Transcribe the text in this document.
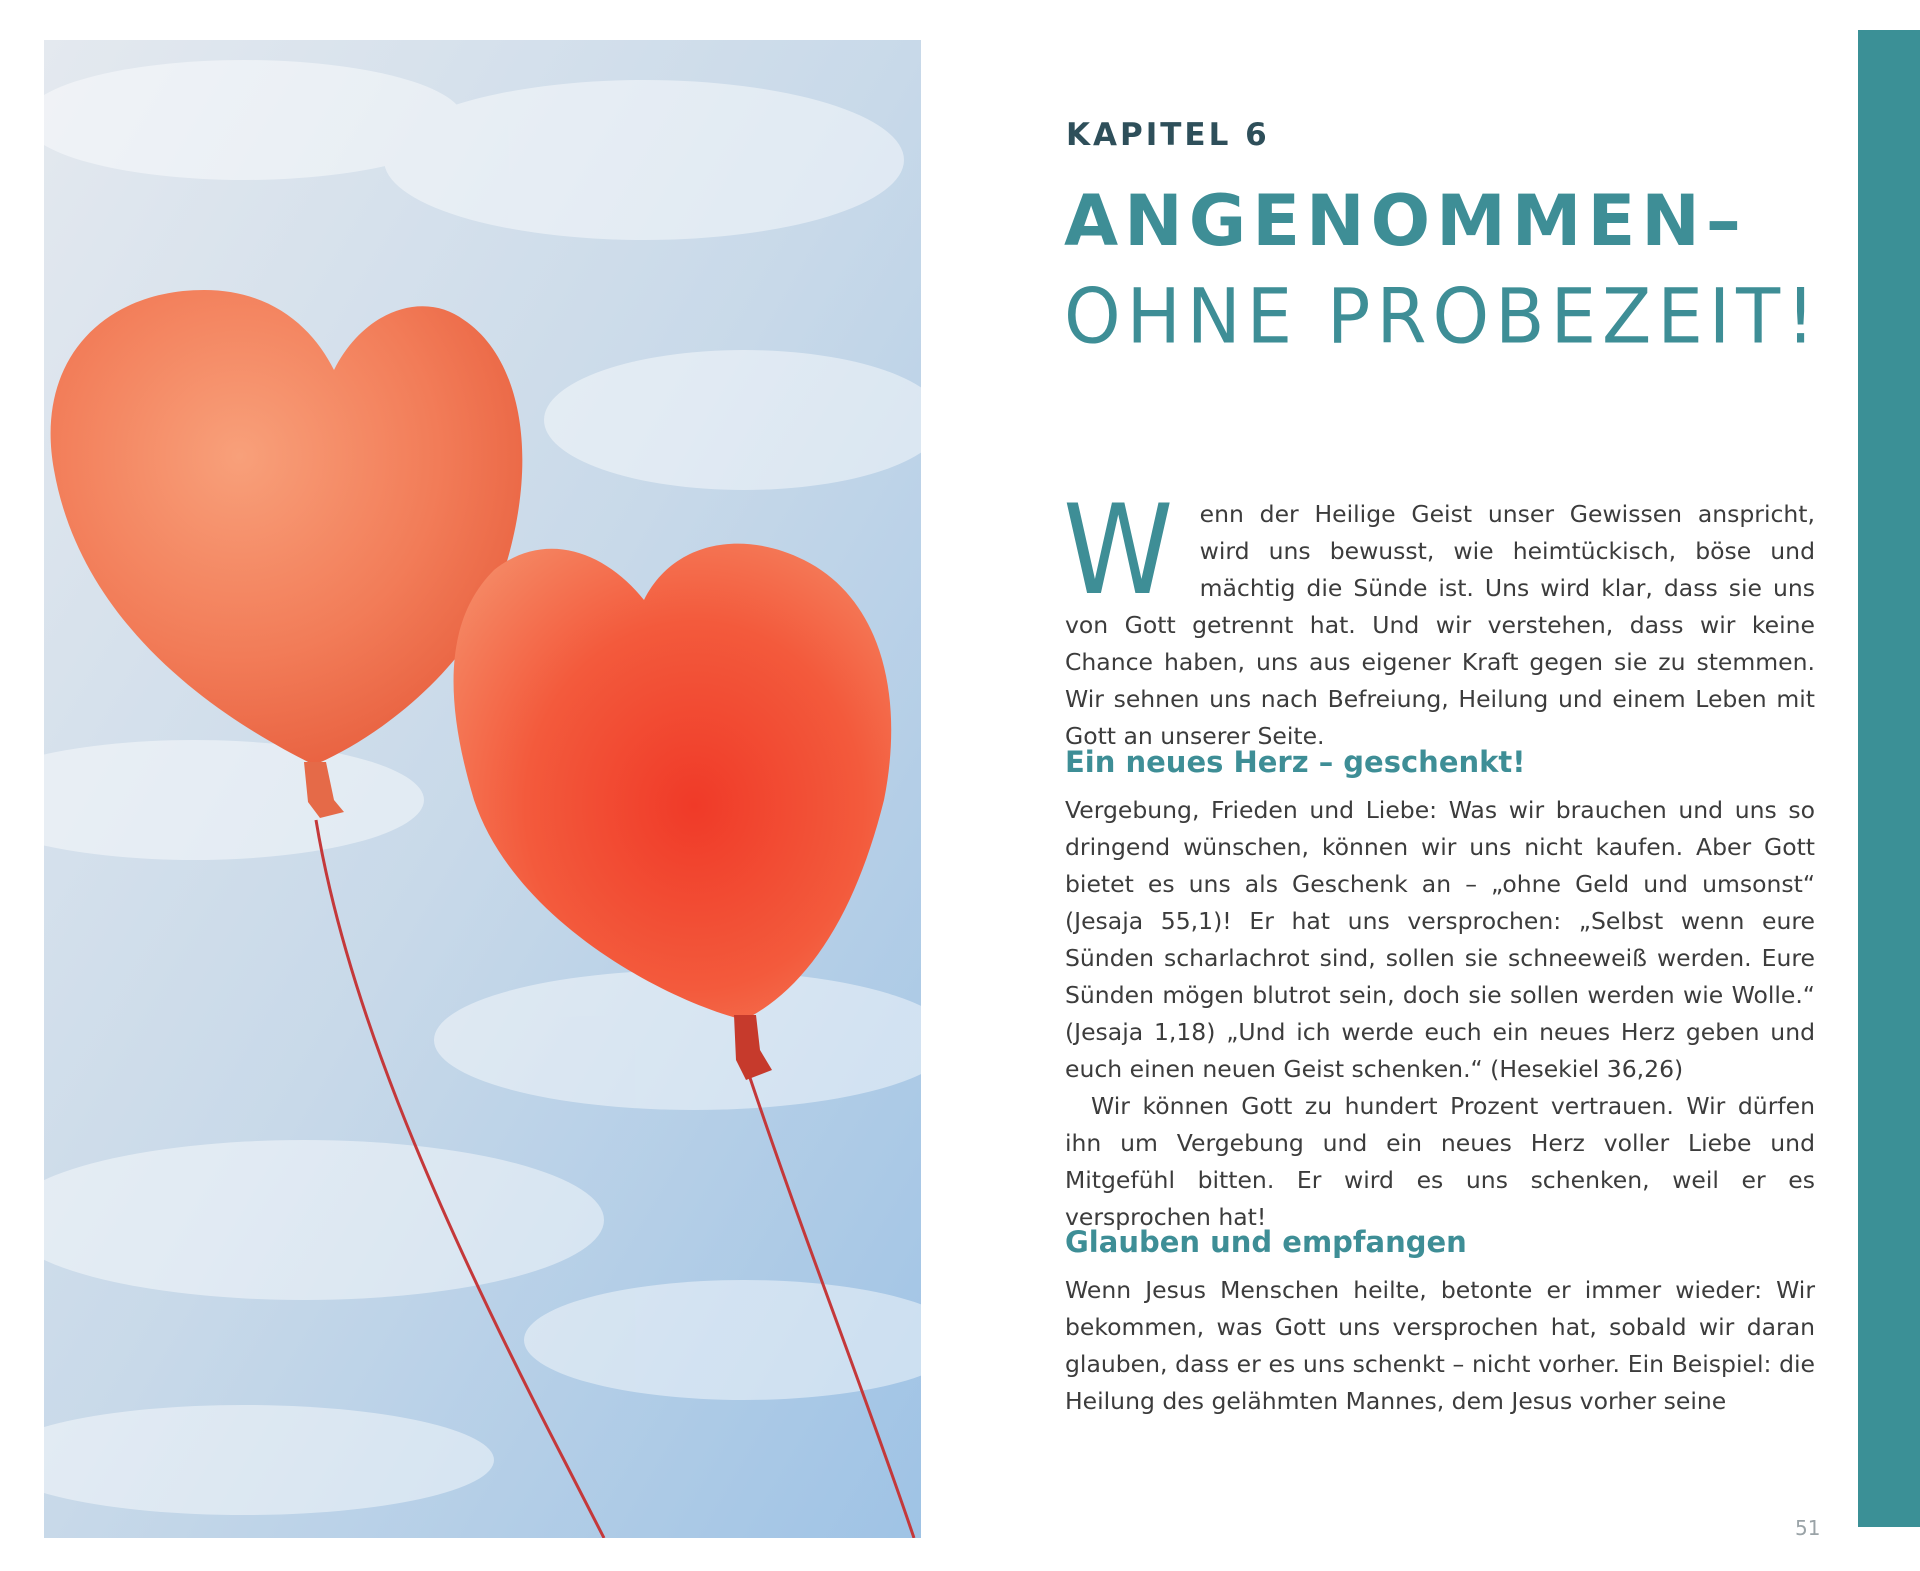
KAPITEL 6
ANGENOMMEN–
OHNE PROBEZEIT!

W enn der Heilige Geist unser Gewissen anspricht, wird uns bewusst, wie heimtückisch, böse und mächtig die Sünde ist. Uns wird klar, dass sie uns von Gott getrennt hat. Und wir verstehen, dass wir keine Chance haben, uns aus eigener Kraft gegen sie zu stemmen. Wir sehnen uns nach Befreiung, Heilung und einem Leben mit Gott an unserer Seite.

Ein neues Herz – geschenkt!

Vergebung, Frieden und Liebe: Was wir brauchen und uns so dringend wünschen, können wir uns nicht kaufen. Aber Gott bietet es uns als Geschenk an – „ohne Geld und umsonst“ (Jesaja 55,1)! Er hat uns versprochen: „Selbst wenn eure Sünden scharlachrot sind, sollen sie schneeweiß werden. Eure Sünden mögen blutrot sein, doch sie sollen werden wie Wolle.“ (Jesaja 1,18) „Und ich werde euch ein neues Herz geben und euch einen neuen Geist schenken.“ (Hesekiel 36,26)

Wir können Gott zu hundert Prozent vertrauen. Wir dürfen ihn um Vergebung und ein neues Herz voller Liebe und Mitgefühl bitten. Er wird es uns schenken, weil er es versprochen hat!

Glauben und empfangen

Wenn Jesus Menschen heilte, betonte er immer wieder: Wir bekommen, was Gott uns versprochen hat, sobald wir daran glauben, dass er es uns schenkt – nicht vorher. Ein Beispiel: die Heilung des gelähmten Mannes, dem Jesus vorher seine

51
